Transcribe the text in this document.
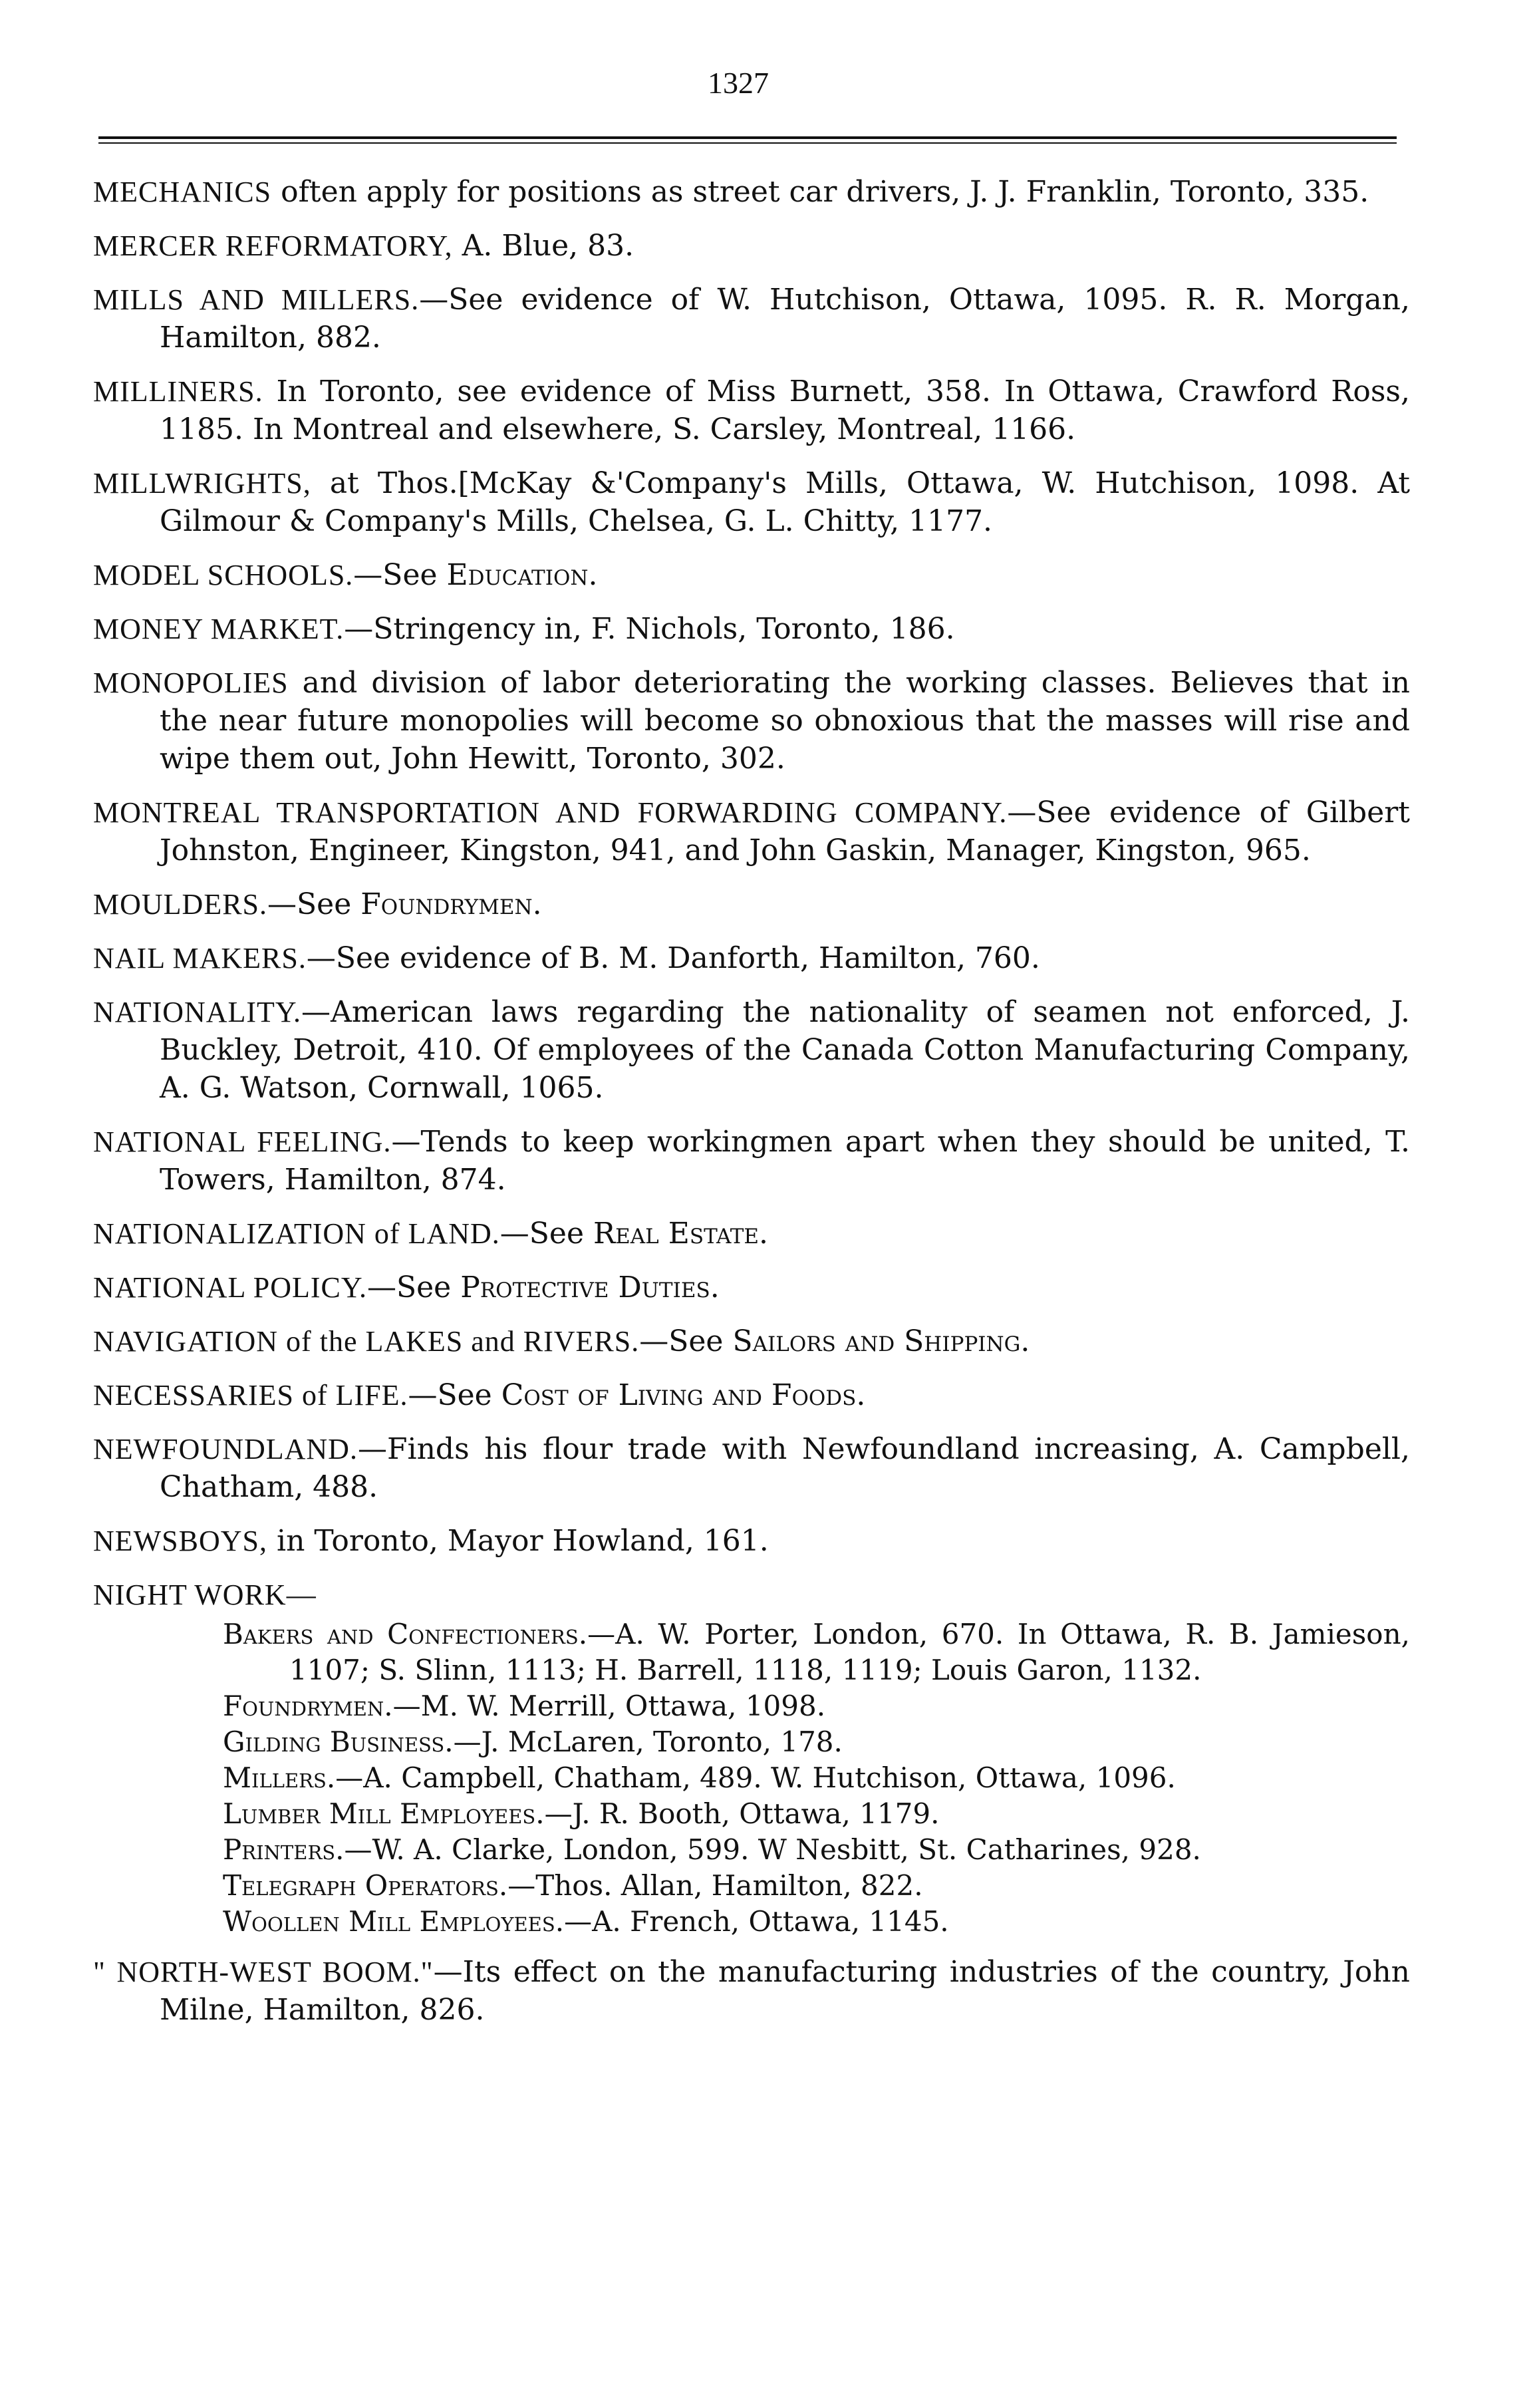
1327
MECHANICS often apply for positions as street car drivers, J. J. Franklin, Toronto, 335.
MERCER REFORMATORY, A. Blue, 83.
MILLS AND MILLERS.—See evidence of W. Hutchison, Ottawa, 1095. R. R. Morgan, Hamilton, 882.
MILLINERS. In Toronto, see evidence of Miss Burnett, 358. In Ottawa, Crawford Ross, 1185. In Montreal and elsewhere, S. Carsley, Montreal, 1166.
MILLWRIGHTS, at Thos.[McKay &'Company's Mills, Ottawa, W. Hutchison, 1098. At Gilmour & Company's Mills, Chelsea, G. L. Chitty, 1177.
MODEL SCHOOLS.—See Education.
MONEY MARKET.—Stringency in, F. Nichols, Toronto, 186.
MONOPOLIES and division of labor deteriorating the working classes. Believes that in the near future monopolies will become so obnoxious that the masses will rise and wipe them out, John Hewitt, Toronto, 302.
MONTREAL TRANSPORTATION AND FORWARDING COMPANY.—See evidence of Gilbert Johnston, Engineer, Kingston, 941, and John Gaskin, Manager, Kingston, 965.
MOULDERS.—See Foundrymen.
NAIL MAKERS.—See evidence of B. M. Danforth, Hamilton, 760.
NATIONALITY.—American laws regarding the nationality of seamen not enforced, J. Buckley, Detroit, 410. Of employees of the Canada Cotton Manufacturing Company, A. G. Watson, Cornwall, 1065.
NATIONAL FEELING.—Tends to keep workingmen apart when they should be united, T. Towers, Hamilton, 874.
NATIONALIZATION of LAND.—See Real Estate.
NATIONAL POLICY.—See Protective Duties.
NAVIGATION of the LAKES and RIVERS.—See Sailors and Shipping.
NECESSARIES of LIFE.—See Cost of Living and Foods.
NEWFOUNDLAND.—Finds his flour trade with Newfoundland increasing, A. Campbell, Chatham, 488.
NEWSBOYS, in Toronto, Mayor Howland, 161.
NIGHT WORK—
Bakers and Confectioners.—A. W. Porter, London, 670. In Ottawa, R. B. Jamieson, 1107; S. Slinn, 1113; H. Barrell, 1118, 1119; Louis Garon, 1132.
Foundrymen.—M. W. Merrill, Ottawa, 1098.
Gilding Business.—J. McLaren, Toronto, 178.
Millers.—A. Campbell, Chatham, 489. W. Hutchison, Ottawa, 1096.
Lumber Mill Employees.—J. R. Booth, Ottawa, 1179.
Printers.—W. A. Clarke, London, 599. W Nesbitt, St. Catharines, 928.
Telegraph Operators.—Thos. Allan, Hamilton, 822.
Woollen Mill Employees.—A. French, Ottawa, 1145.
" NORTH-WEST BOOM."—Its effect on the manufacturing industries of the country, John Milne, Hamilton, 826.
